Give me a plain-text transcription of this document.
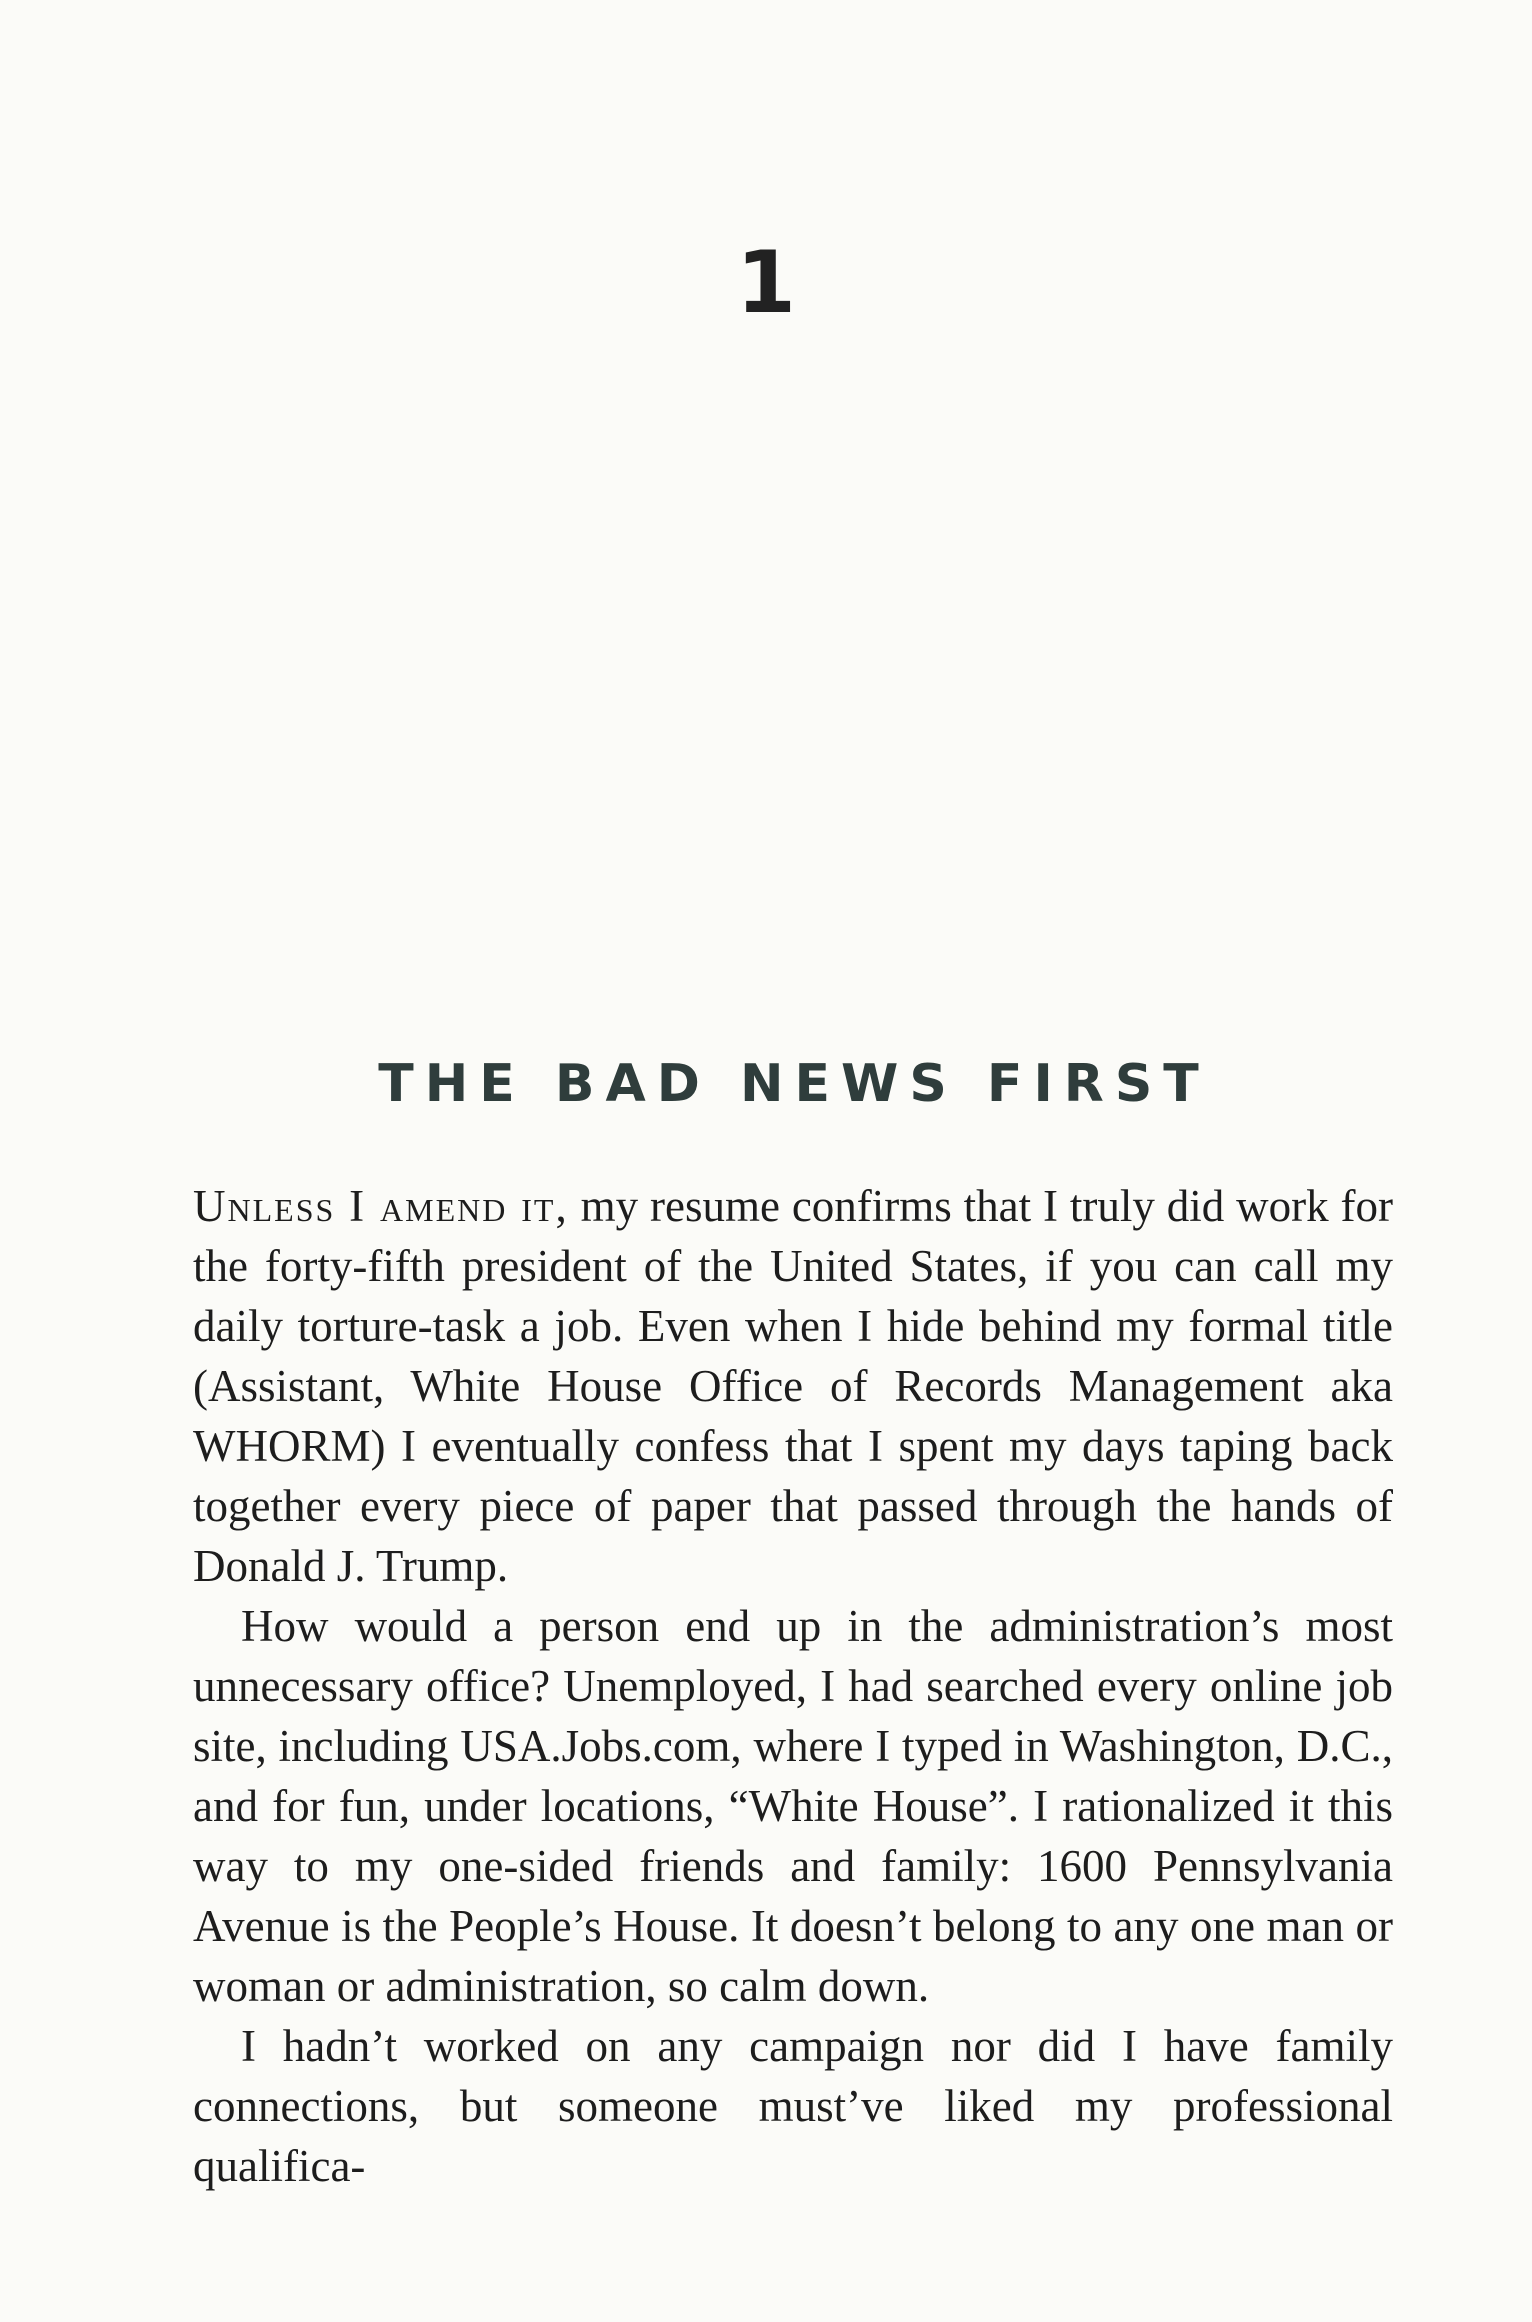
1
THE BAD NEWS FIRST

Unless I amend it, my resume confirms that I truly did work for the forty-fifth president of the United States, if you can call my daily torture-task a job. Even when I hide behind my formal title (Assistant, White House Office of Records Management aka WHORM) I eventually confess that I spent my days taping back together every piece of paper that passed through the hands of Donald J. Trump.

How would a person end up in the administration’s most unnecessary office? Unemployed, I had searched every online job site, including USA.Jobs.com, where I typed in Washington, D.C., and for fun, under locations, “White House”. I rationalized it this way to my one-sided friends and family: 1600 Pennsylvania Avenue is the People’s House. It doesn’t belong to any one man or woman or administration, so calm down.

I hadn’t worked on any campaign nor did I have family connections, but someone must’ve liked my professional qualifica-
